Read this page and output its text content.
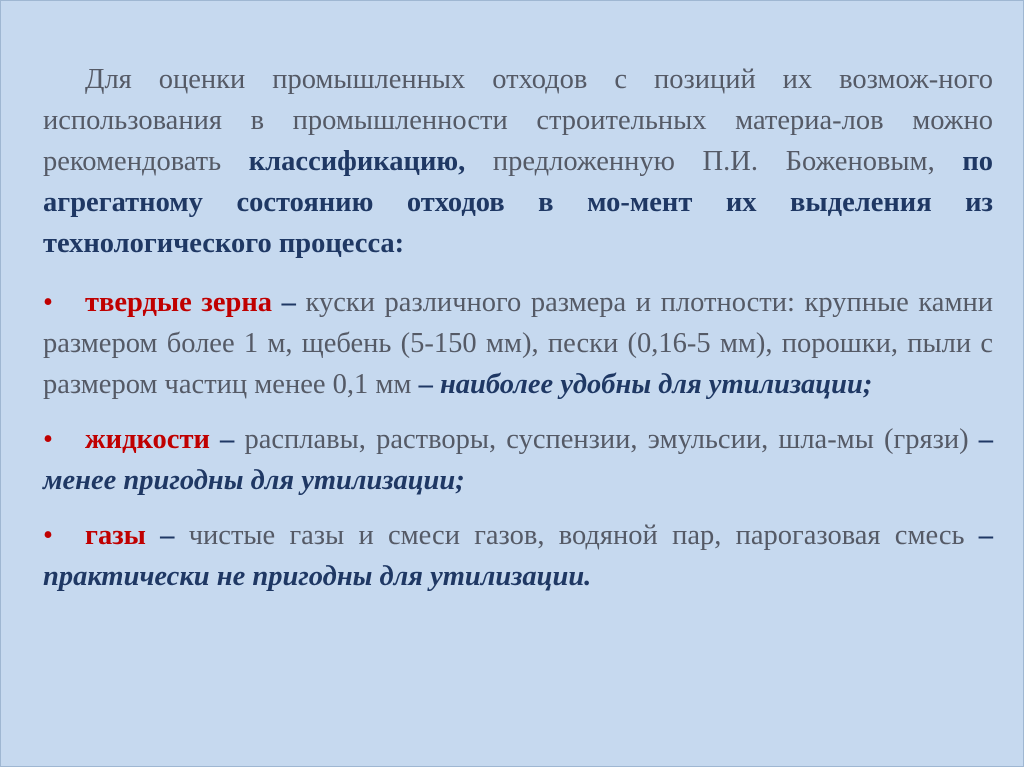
Для оценки промышленных отходов с позиций их возмож-ного использования в промышленности строительных материа-лов можно рекомендовать классификацию, предложенную П.И. Боженовым, по агрегатному состоянию отходов в мо-мент их выделения из технологического процесса:

• твердые зерна – куски различного размера и плотности: крупные камни размером более 1 м, щебень (5-150 мм), пески (0,16-5 мм), порошки, пыли с размером частиц менее 0,1 мм – наиболее удобны для утилизации;

• жидкости – расплавы, растворы, суспензии, эмульсии, шла-мы (грязи) – менее пригодны для утилизации;

• газы – чистые газы и смеси газов, водяной пар, парогазовая смесь – практически не пригодны для утилизации.
